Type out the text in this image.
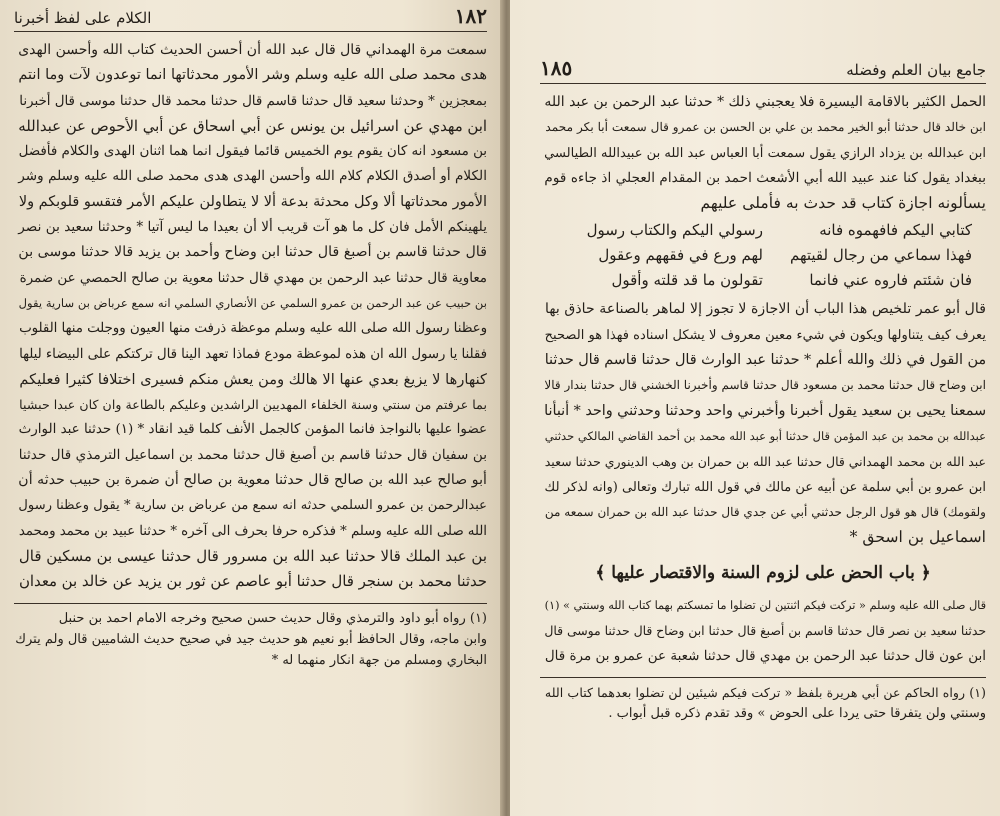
الكلام على لفظ أخبرنا	١٨٢
سمعت مرة الهمداني قال قال عبد الله أن أحسن الحديث كتاب الله وأحسن الهدى
هدى محمد صلى الله عليه وسلم وشر الأمور محدثاتها انما توعدون لآت وما انتم
بمعجزين * وحدثنا سعيد قال حدثنا قاسم قال حدثنا محمد قال حدثنا موسى قال أخبرنا
ابن مهدي عن اسرائيل بن يونس عن أبي اسحاق عن أبي الأحوص عن عبدالله
بن مسعود انه كان يقوم يوم الخميس قائما فيقول انما هما اثنان الهدى والكلام فأفضل
الكلام أو أصدق الكلام كلام الله وأحسن الهدى هدى محمد صلى الله عليه وسلم وشر
الأمور محدثاتها ألا وكل محدثة بدعة ألا لا يتطاولن عليكم الأمر فتقسو قلوبكم ولا
يلهينكم الأمل فان كل ما هو آت قريب ألا أن بعيدا ما ليس آتيا * وحدثنا سعيد بن نصر
قال حدثنا قاسم بن أصبغ قال حدثنا ابن وضاح وأحمد بن يزيد قالا حدثنا موسى بن
معاوية قال حدثنا عبد الرحمن بن مهدي قال حدثنا معوية بن صالح الحمصي عن ضمرة
بن حبيب عن عبد الرحمن بن عمرو السلمي عن الأنصاري السلمي انه سمع عرباض بن سارية يقول
وعظنا رسول الله صلى الله عليه وسلم موعظة ذرفت منها العيون ووجلت منها القلوب
فقلنا يا رسول الله ان هذه لموعظة مودع فماذا تعهد الينا قال تركتكم على البيضاء ليلها
كنهارها لا يزيغ بعدي عنها الا هالك ومن يعش منكم فسيرى اختلافا كثيرا فعليكم
بما عرفتم من سنتي وسنة الخلفاء المهديين الراشدين وعليكم بالطاعة وان كان عبدا حبشيا
عضوا عليها بالنواجذ فانما المؤمن كالجمل الأنف كلما قيد انقاد * (١) حدثنا عبد الوارث
بن سفيان قال حدثنا قاسم بن أصبغ قال حدثنا محمد بن اسماعيل الترمذي قال حدثنا
أبو صالح عبد الله بن صالح قال حدثنا معوية بن صالح أن ضمرة بن حبيب حدثه أن
عبدالرحمن بن عمرو السلمي حدثه انه سمع من عرباض بن سارية * يقول وعظنا رسول
الله صلى الله عليه وسلم * فذكره حرفا بحرف الى آخره * حدثنا عبيد بن محمد ومحمد
بن عبد الملك قالا حدثنا عبد الله بن مسرور قال حدثنا عيسى بن مسكين قال
حدثنا محمد بن سنجر قال حدثنا أبو عاصم عن ثور بن يزيد عن خالد بن معدان
(١) رواه أبو داود والترمذي وقال حديث حسن صحيح وخرجه الامام احمد بن حنبل
وابن ماجه، وقال الحافظ أبو نعيم هو حديث جيد في صحيح حديث الشاميين قال ولم يترك
البخاري ومسلم من جهة انكار منهما له *
١٨٥	جامع بيان العلم وفضله
الحمل الكثير بالاقامة اليسيرة فلا يعجبني ذلك * حدثنا عبد الرحمن بن عبد الله
ابن خالد قال حدثنا أبو الخير محمد بن علي بن الحسن بن عمرو قال سمعت أبا بكر محمد
ابن عبدالله بن يزداد الرازي يقول سمعت أبا العباس عبد الله بن عبيدالله الطيالسي
ببغداد يقول كنا عند عبيد الله أبي الأشعث احمد بن المقدام العجلي اذ جاءه قوم
يسألونه اجازة كتاب قد حدث به فأملى عليهم
كتابي اليكم فافهموه فانه
رسولي اليكم والكتاب رسول
فهذا سماعي من رجال لقيتهم
لهم ورع في فقههم وعقول
فان شئتم فاروه عني فانما
تقولون ما قد قلته وأقول
قال أبو عمر تلخيص هذا الباب أن الاجازة لا تجوز إلا لماهر بالصناعة حاذق بها
يعرف كيف يتناولها ويكون في شيء معين معروف لا يشكل اسناده فهذا هو الصحيح
من القول في ذلك والله أعلم * حدثنا عبد الوارث قال حدثنا قاسم قال حدثنا
ابن وضاح قال حدثنا محمد بن مسعود قال حدثنا قاسم وأخبرنا الخشني قال حدثنا بندار قالا
سمعنا يحيى بن سعيد يقول أخبرنا وأخبرني واحد وحدثنا وحدثني واحد * أنبأنا
عبدالله بن محمد بن عبد المؤمن قال حدثنا أبو عبد الله محمد بن أحمد القاضي المالكي حدثني
عبد الله بن محمد الهمداني قال حدثنا عبد الله بن حمران بن وهب الدينوري حدثنا سعيد
ابن عمرو بن أبي سلمة عن أبيه عن مالك في قول الله تبارك وتعالى (وانه لذكر لك
ولقومك) قال هو قول الرجل حدثني أبي عن جدي قال حدثنا عبد الله بن حمران سمعه من
اسماعيل بن اسحق *
﴿ باب الحض على لزوم السنة والاقتصار عليها ﴾
قال صلى الله عليه وسلم « تركت فيكم اثنتين لن تضلوا ما تمسكتم بهما كتاب الله وسنتي » (١)
حدثنا سعيد بن نصر قال حدثنا قاسم بن أصبغ قال حدثنا ابن وضاح قال حدثنا موسى قال
ابن عون قال حدثنا عبد الرحمن بن مهدي قال حدثنا شعبة عن عمرو بن مرة قال
(١) رواه الحاكم عن أبي هريرة بلفظ « تركت فيكم شيئين لن تضلوا بعدهما كتاب الله
وسنتي ولن يتفرقا حتى يردا على الحوض » وقد تقدم ذكره قبل أبواب .
